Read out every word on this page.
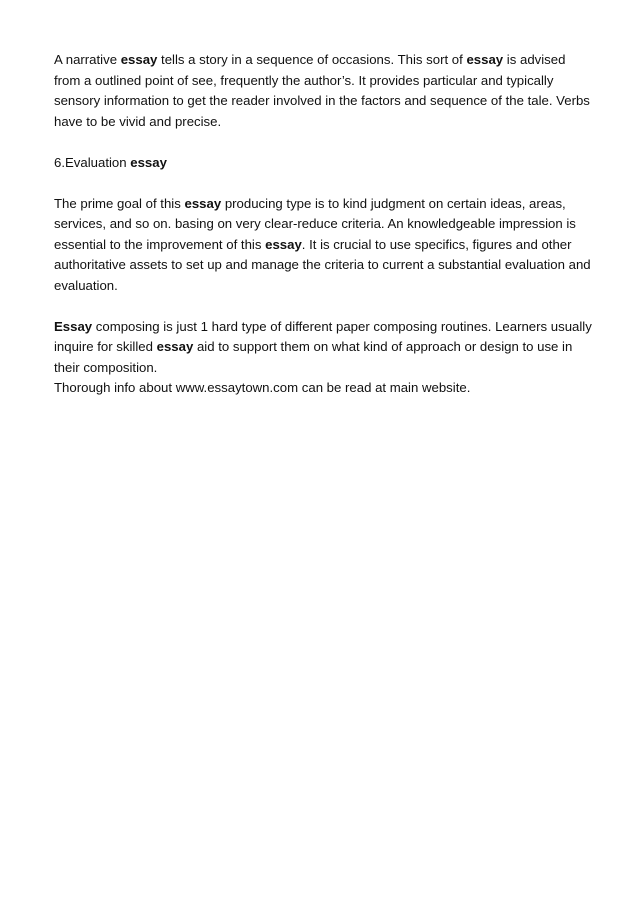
A narrative essay tells a story in a sequence of occasions. This sort of essay is advised from a outlined point of see, frequently the author’s. It provides particular and typically sensory information to get the reader involved in the factors and sequence of the tale. Verbs have to be vivid and precise.

6.Evaluation essay

The prime goal of this essay producing type is to kind judgment on certain ideas, areas, services, and so on. basing on very clear-reduce criteria. An knowledgeable impression is essential to the improvement of this essay. It is crucial to use specifics, figures and other authoritative assets to set up and manage the criteria to current a substantial evaluation and evaluation.

Essay composing is just 1 hard type of different paper composing routines. Learners usually inquire for skilled essay aid to support them on what kind of approach or design to use in their composition.

Thorough info about www.essaytown.com can be read at main website.
